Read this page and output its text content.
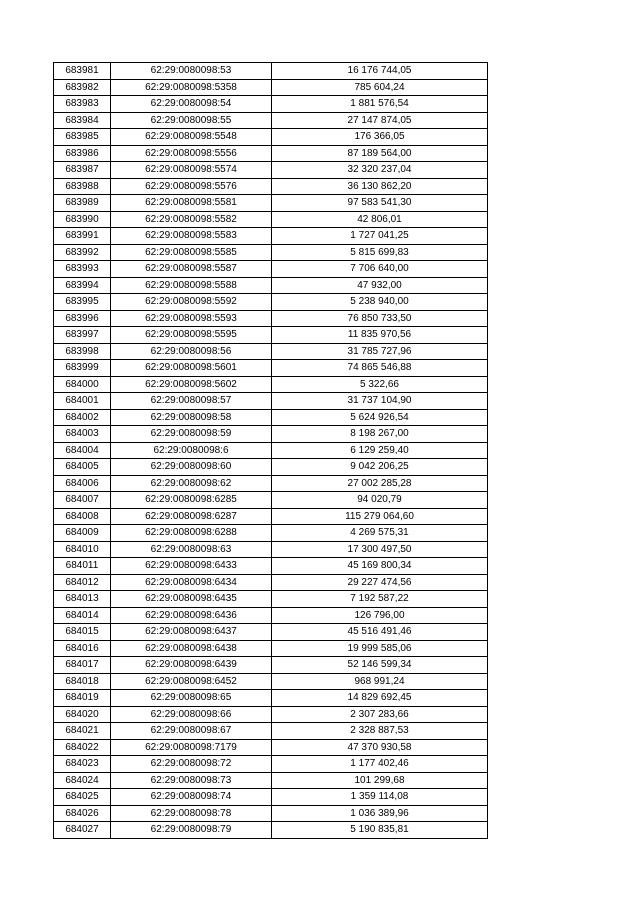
683981	62:29:0080098:53	16 176 744,05
683982	62:29:0080098:5358	785 604,24
683983	62:29:0080098:54	1 881 576,54
683984	62:29:0080098:55	27 147 874,05
683985	62:29:0080098:5548	176 366,05
683986	62:29:0080098:5556	87 189 564,00
683987	62:29:0080098:5574	32 320 237,04
683988	62:29:0080098:5576	36 130 862,20
683989	62:29:0080098:5581	97 583 541,30
683990	62:29:0080098:5582	42 806,01
683991	62:29:0080098:5583	1 727 041,25
683992	62:29:0080098:5585	5 815 699,83
683993	62:29:0080098:5587	7 706 640,00
683994	62:29:0080098:5588	47 932,00
683995	62:29:0080098:5592	5 238 940,00
683996	62:29:0080098:5593	76 850 733,50
683997	62:29:0080098:5595	11 835 970,56
683998	62:29:0080098:56	31 785 727,96
683999	62:29:0080098:5601	74 865 546,88
684000	62:29:0080098:5602	5 322,66
684001	62:29:0080098:57	31 737 104,90
684002	62:29:0080098:58	5 624 926,54
684003	62:29:0080098:59	8 198 267,00
684004	62:29:0080098:6	6 129 259,40
684005	62:29:0080098:60	9 042 206,25
684006	62:29:0080098:62	27 002 285,28
684007	62:29:0080098:6285	94 020,79
684008	62:29:0080098:6287	115 279 064,60
684009	62:29:0080098:6288	4 269 575,31
684010	62:29:0080098:63	17 300 497,50
684011	62:29:0080098:6433	45 169 800,34
684012	62:29:0080098:6434	29 227 474,56
684013	62:29:0080098:6435	7 192 587,22
684014	62:29:0080098:6436	126 796,00
684015	62:29:0080098:6437	45 516 491,46
684016	62:29:0080098:6438	19 999 585,06
684017	62:29:0080098:6439	52 146 599,34
684018	62:29:0080098:6452	968 991,24
684019	62:29:0080098:65	14 829 692,45
684020	62:29:0080098:66	2 307 283,66
684021	62:29:0080098:67	2 328 887,53
684022	62:29:0080098:7179	47 370 930,58
684023	62:29:0080098:72	1 177 402,46
684024	62:29:0080098:73	101 299,68
684025	62:29:0080098:74	1 359 114,08
684026	62:29:0080098:78	1 036 389,96
684027	62:29:0080098:79	5 190 835,81
